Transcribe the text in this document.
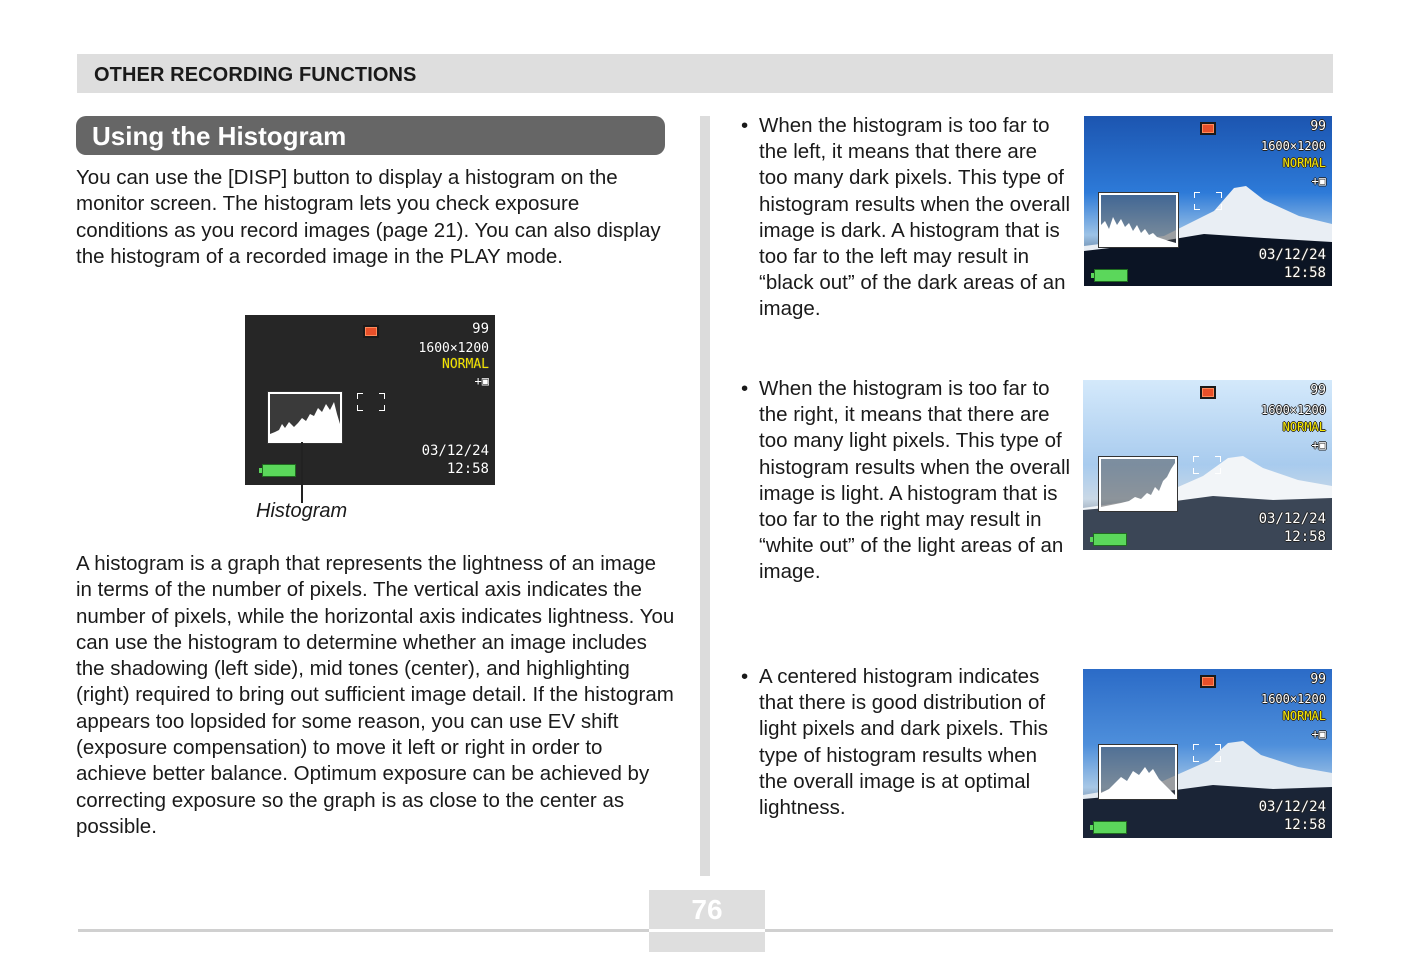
OTHER RECORDING FUNCTIONS
Using the Histogram

You can use the [DISP] button to display a histogram on the monitor screen. The histogram lets you check exposure conditions as you record images (page 21). You can also display the histogram of a recorded image in the PLAY mode.

99
1600×1200
NORMAL
+▣
03/12/24
12:58
Histogram

A histogram is a graph that represents the lightness of an image in terms of the number of pixels. The vertical axis indicates the number of pixels, while the horizontal axis indicates lightness. You can use the histogram to determine whether an image includes the shadowing (left side), mid tones (center), and highlighting (right) required to bring out sufficient image detail. If the histogram appears too lopsided for some reason, you can use EV shift (exposure compensation) to move it left or right in order to achieve better balance. Optimum exposure can be achieved by correcting exposure so the graph is as close to the center as possible.

• When the histogram is too far to the left, it means that there are too many dark pixels. This type of histogram results when the overall image is dark. A histogram that is too far to the left may result in “black out” of the dark areas of an image.
• When the histogram is too far to the right, it means that there are too many light pixels. This type of histogram results when the overall image is light. A histogram that is too far to the right may result in “white out” of the light areas of an image.
• A centered histogram indicates that there is good distribution of light pixels and dark pixels. This type of histogram results when the overall image is at optimal lightness.
99
1600×1200
NORMAL
+▣
03/12/24
12:58
99
1600×1200
NORMAL
+▣
03/12/24
12:58
99
1600×1200
NORMAL
+▣
03/12/24
12:58
76
